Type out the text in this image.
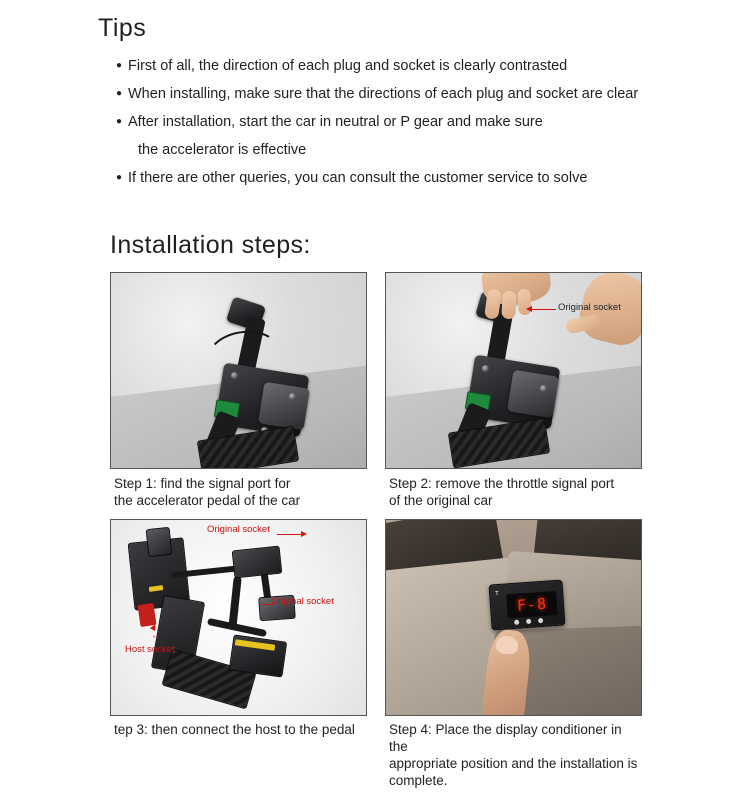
Tips
● First of all, the direction of each plug and socket is clearly contrasted
● When installing, make sure that the directions of each plug and socket are clear
● After installation, start the car in neutral or P gear and make sure
the accelerator is effective
● If there are other queries, you can consult the customer service to solve
Installation steps:
Step 1: find the signal port for
the accelerator pedal of the car
Original socket
Step 2: remove the throttle signal port
of the original car
Original socket
Original socket
Host socket
tep 3: then connect the host to the pedal
T
F-8
Step 4: Place the display conditioner in the
appropriate position and the installation is
complete.
